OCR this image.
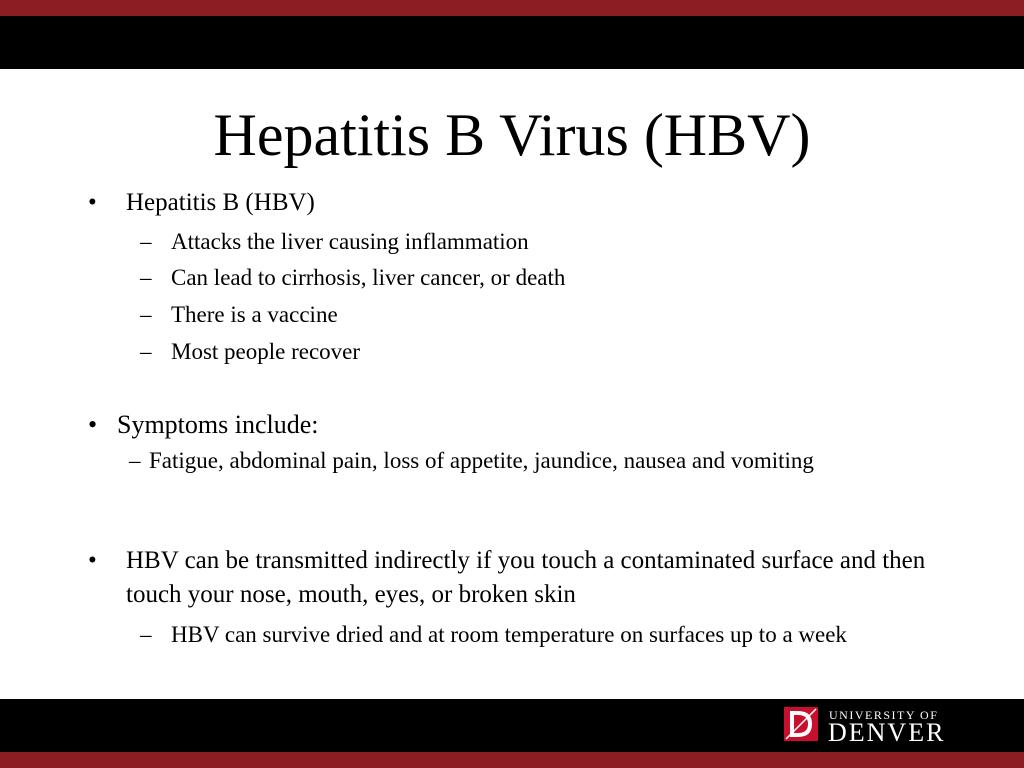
Hepatitis B Virus (HBV)
• Hepatitis B (HBV)
– Attacks the liver causing inflammation
– Can lead to cirrhosis, liver cancer, or death
– There is a vaccine
– Most people recover
• Symptoms include:
– Fatigue, abdominal pain, loss of appetite, jaundice, nausea and vomiting
• HBV can be transmitted indirectly if you touch a contaminated surface and then touch your nose, mouth, eyes, or broken skin
– HBV can survive dried and at room temperature on surfaces up to a week
UNIVERSITY OF
DENVER
